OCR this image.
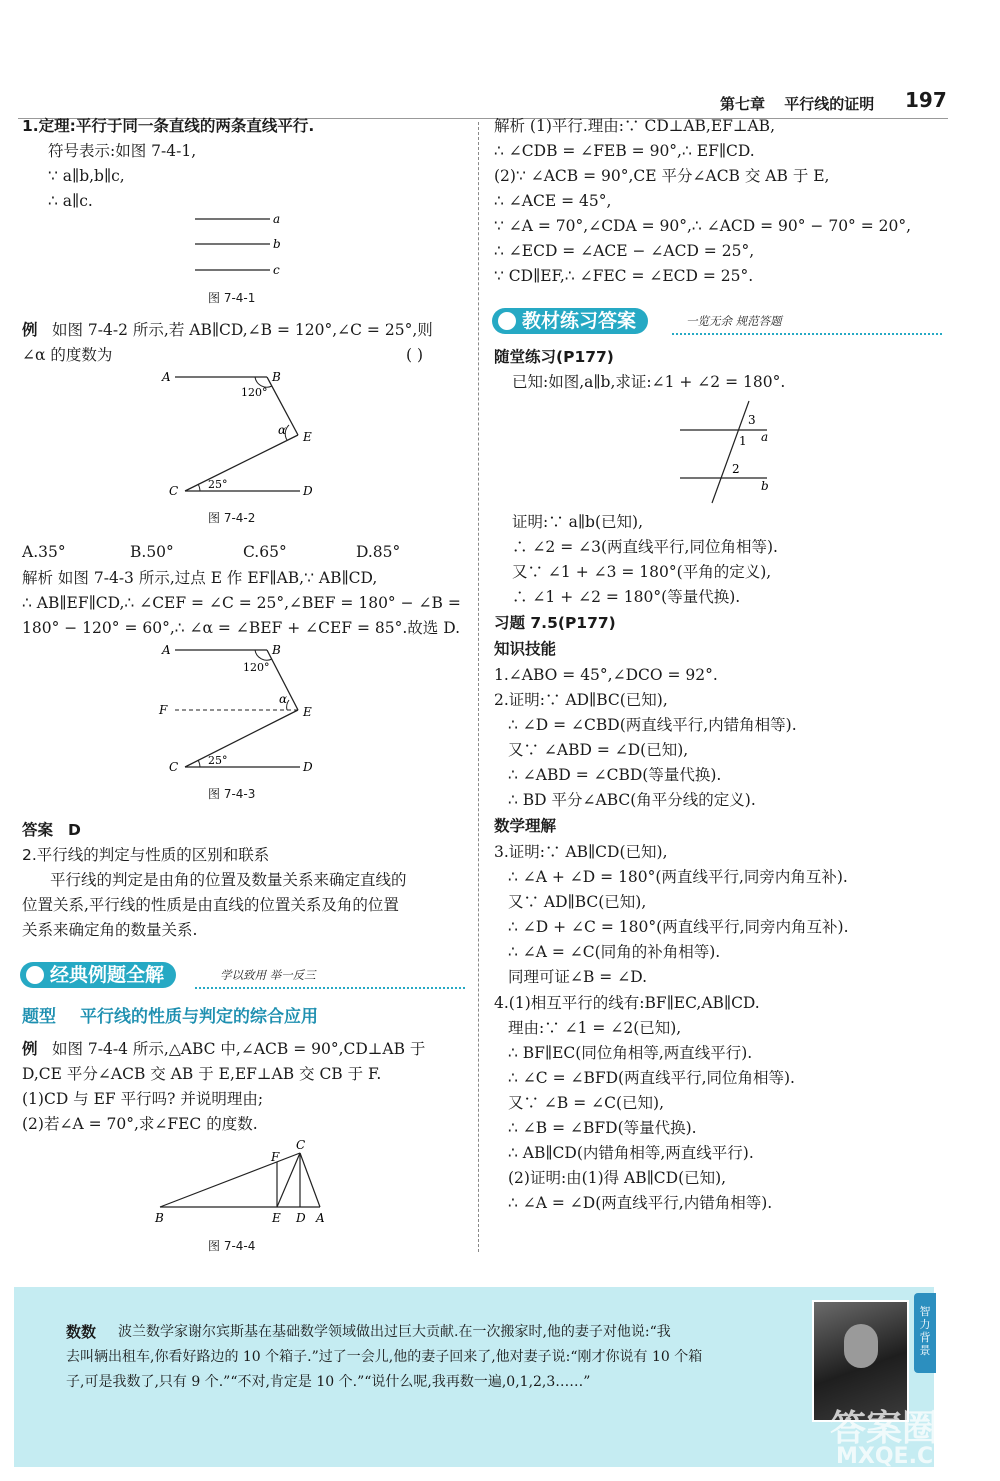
第七章 平行线的证明 197
1.定理:平行于同一条直线的两条直线平行.
符号表示:如图 7-4-1,
∵ a∥b,b∥c,
∴ a∥c.
a
b
c
图 7-4-1
例 如图 7-4-2 所示,若 AB∥CD,∠B = 120°,∠C = 25°,则
∠α 的度数为	( )
A	B
120°
α E
25°
C	D
图 7-4-2
A.35°	B.50°	C.65°	D.85°
解析 如图 7-4-3 所示,过点 E 作 EF∥AB,∵ AB∥CD,
∴ AB∥EF∥CD,∴ ∠CEF = ∠C = 25°,∠BEF = 180° − ∠B =
180° − 120° = 60°,∴ ∠α = ∠BEF + ∠CEF = 85°.故选 D.
A	B
120°
α
F	E
25°
C	D
图 7-4-3
答案 D
2.平行线的判定与性质的区别和联系
平行线的判定是由角的位置及数量关系来确定直线的
位置关系,平行线的性质是由直线的位置关系及角的位置
关系来确定角的数量关系.
经典例题全解	学以致用 举一反三
题型 平行线的性质与判定的综合应用
例 如图 7-4-4 所示,△ABC 中,∠ACB = 90°,CD⊥AB 于
D,CE 平分∠ACB 交 AB 于 E,EF⊥AB 交 CB 于 F.
(1)CD 与 EF 平行吗? 并说明理由;
(2)若∠A = 70°,求∠FEC 的度数.
C
F
B	E D A
图 7-4-4
解析 (1)平行.理由:∵ CD⊥AB,EF⊥AB,
∴ ∠CDB = ∠FEB = 90°,∴ EF∥CD.
(2)∵ ∠ACB = 90°,CE 平分∠ACB 交 AB 于 E,
∴ ∠ACE = 45°,
∵ ∠A = 70°,∠CDA = 90°,∴ ∠ACD = 90° − 70° = 20°,
∴ ∠ECD = ∠ACE − ∠ACD = 25°,
∵ CD∥EF,∴ ∠FEC = ∠ECD = 25°.
教材练习答案	一览无余 规范答题
随堂练习(P177)
已知:如图,a∥b,求证:∠1 + ∠2 = 180°.
3
1 a
2
b
证明:∵ a∥b(已知),
∴ ∠2 = ∠3(两直线平行,同位角相等).
又∵ ∠1 + ∠3 = 180°(平角的定义),
∴ ∠1 + ∠2 = 180°(等量代换).
习题 7.5(P177)
知识技能
1.∠ABO = 45°,∠DCO = 92°.
2.证明:∵ AD∥BC(已知),
∴ ∠D = ∠CBD(两直线平行,内错角相等).
又∵ ∠ABD = ∠D(已知),
∴ ∠ABD = ∠CBD(等量代换).
∴ BD 平分∠ABC(角平分线的定义).
数学理解
3.证明:∵ AB∥CD(已知),
∴ ∠A + ∠D = 180°(两直线平行,同旁内角互补).
又∵ AD∥BC(已知),
∴ ∠D + ∠C = 180°(两直线平行,同旁内角互补).
∴ ∠A = ∠C(同角的补角相等).
同理可证∠B = ∠D.
4.(1)相互平行的线有:BF∥EC,AB∥CD.
理由:∵ ∠1 = ∠2(已知),
∴ BF∥EC(同位角相等,两直线平行).
∴ ∠C = ∠BFD(两直线平行,同位角相等).
又∵ ∠B = ∠C(已知),
∴ ∠B = ∠BFD(等量代换).
∴ AB∥CD(内错角相等,两直线平行).
(2)证明:由(1)得 AB∥CD(已知),
∴ ∠A = ∠D(两直线平行,内错角相等).
数数 波兰数学家谢尔宾斯基在基础数学领域做出过巨大贡献.在一次搬家时,他的妻子对他说:“我
去叫辆出租车,你看好路边的 10 个箱子.”过了一会儿,他的妻子回来了,他对妻子说:“刚才你说有 10 个箱
子,可是我数了,只有 9 个.”“不对,肯定是 10 个.”“说什么呢,我再数一遍,0,1,2,3……”
智力背景
答案圈
MXQE.COM
